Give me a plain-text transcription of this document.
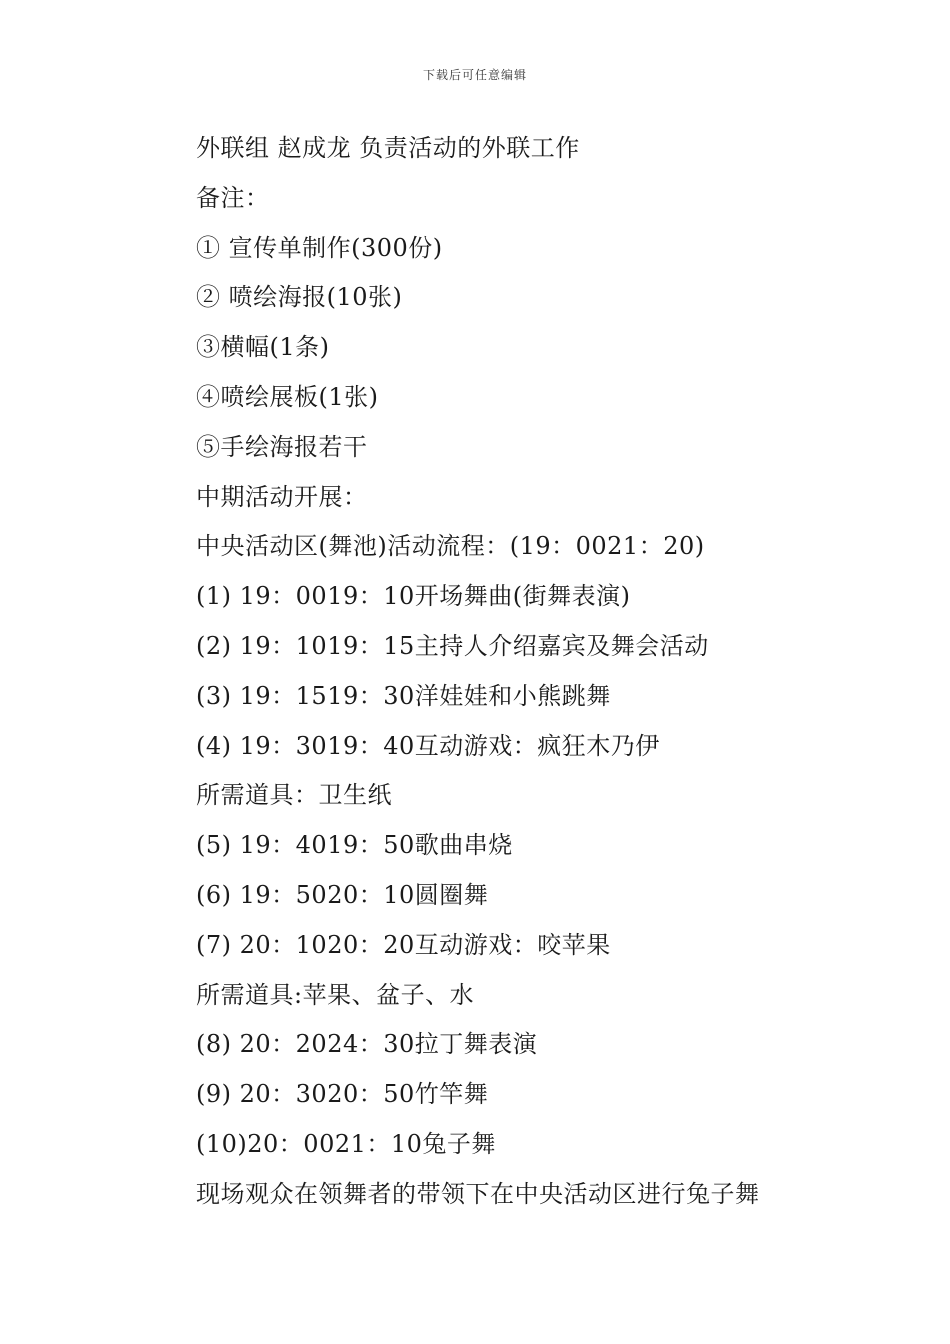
下载后可任意编辑
外联组 赵成龙 负责活动的外联工作
备注：
① 宣传单制作(300份)
② 喷绘海报(10张)
③横幅(1条)
④喷绘展板(1张)
⑤手绘海报若干
中期活动开展：
中央活动区(舞池)活动流程：(19：0021：20)
(1) 19：0019：10开场舞曲(街舞表演)
(2) 19：1019：15主持人介绍嘉宾及舞会活动
(3) 19：1519：30洋娃娃和小熊跳舞
(4) 19：3019：40互动游戏：疯狂木乃伊
所需道具：卫生纸
(5) 19：4019：50歌曲串烧
(6) 19：5020：10圆圈舞
(7) 20：1020：20互动游戏：咬苹果
所需道具:苹果、盆子、水
(8) 20：2024：30拉丁舞表演
(9) 20：3020：50竹竿舞
(10)20：0021：10兔子舞
现场观众在领舞者的带领下在中央活动区进行兔子舞
